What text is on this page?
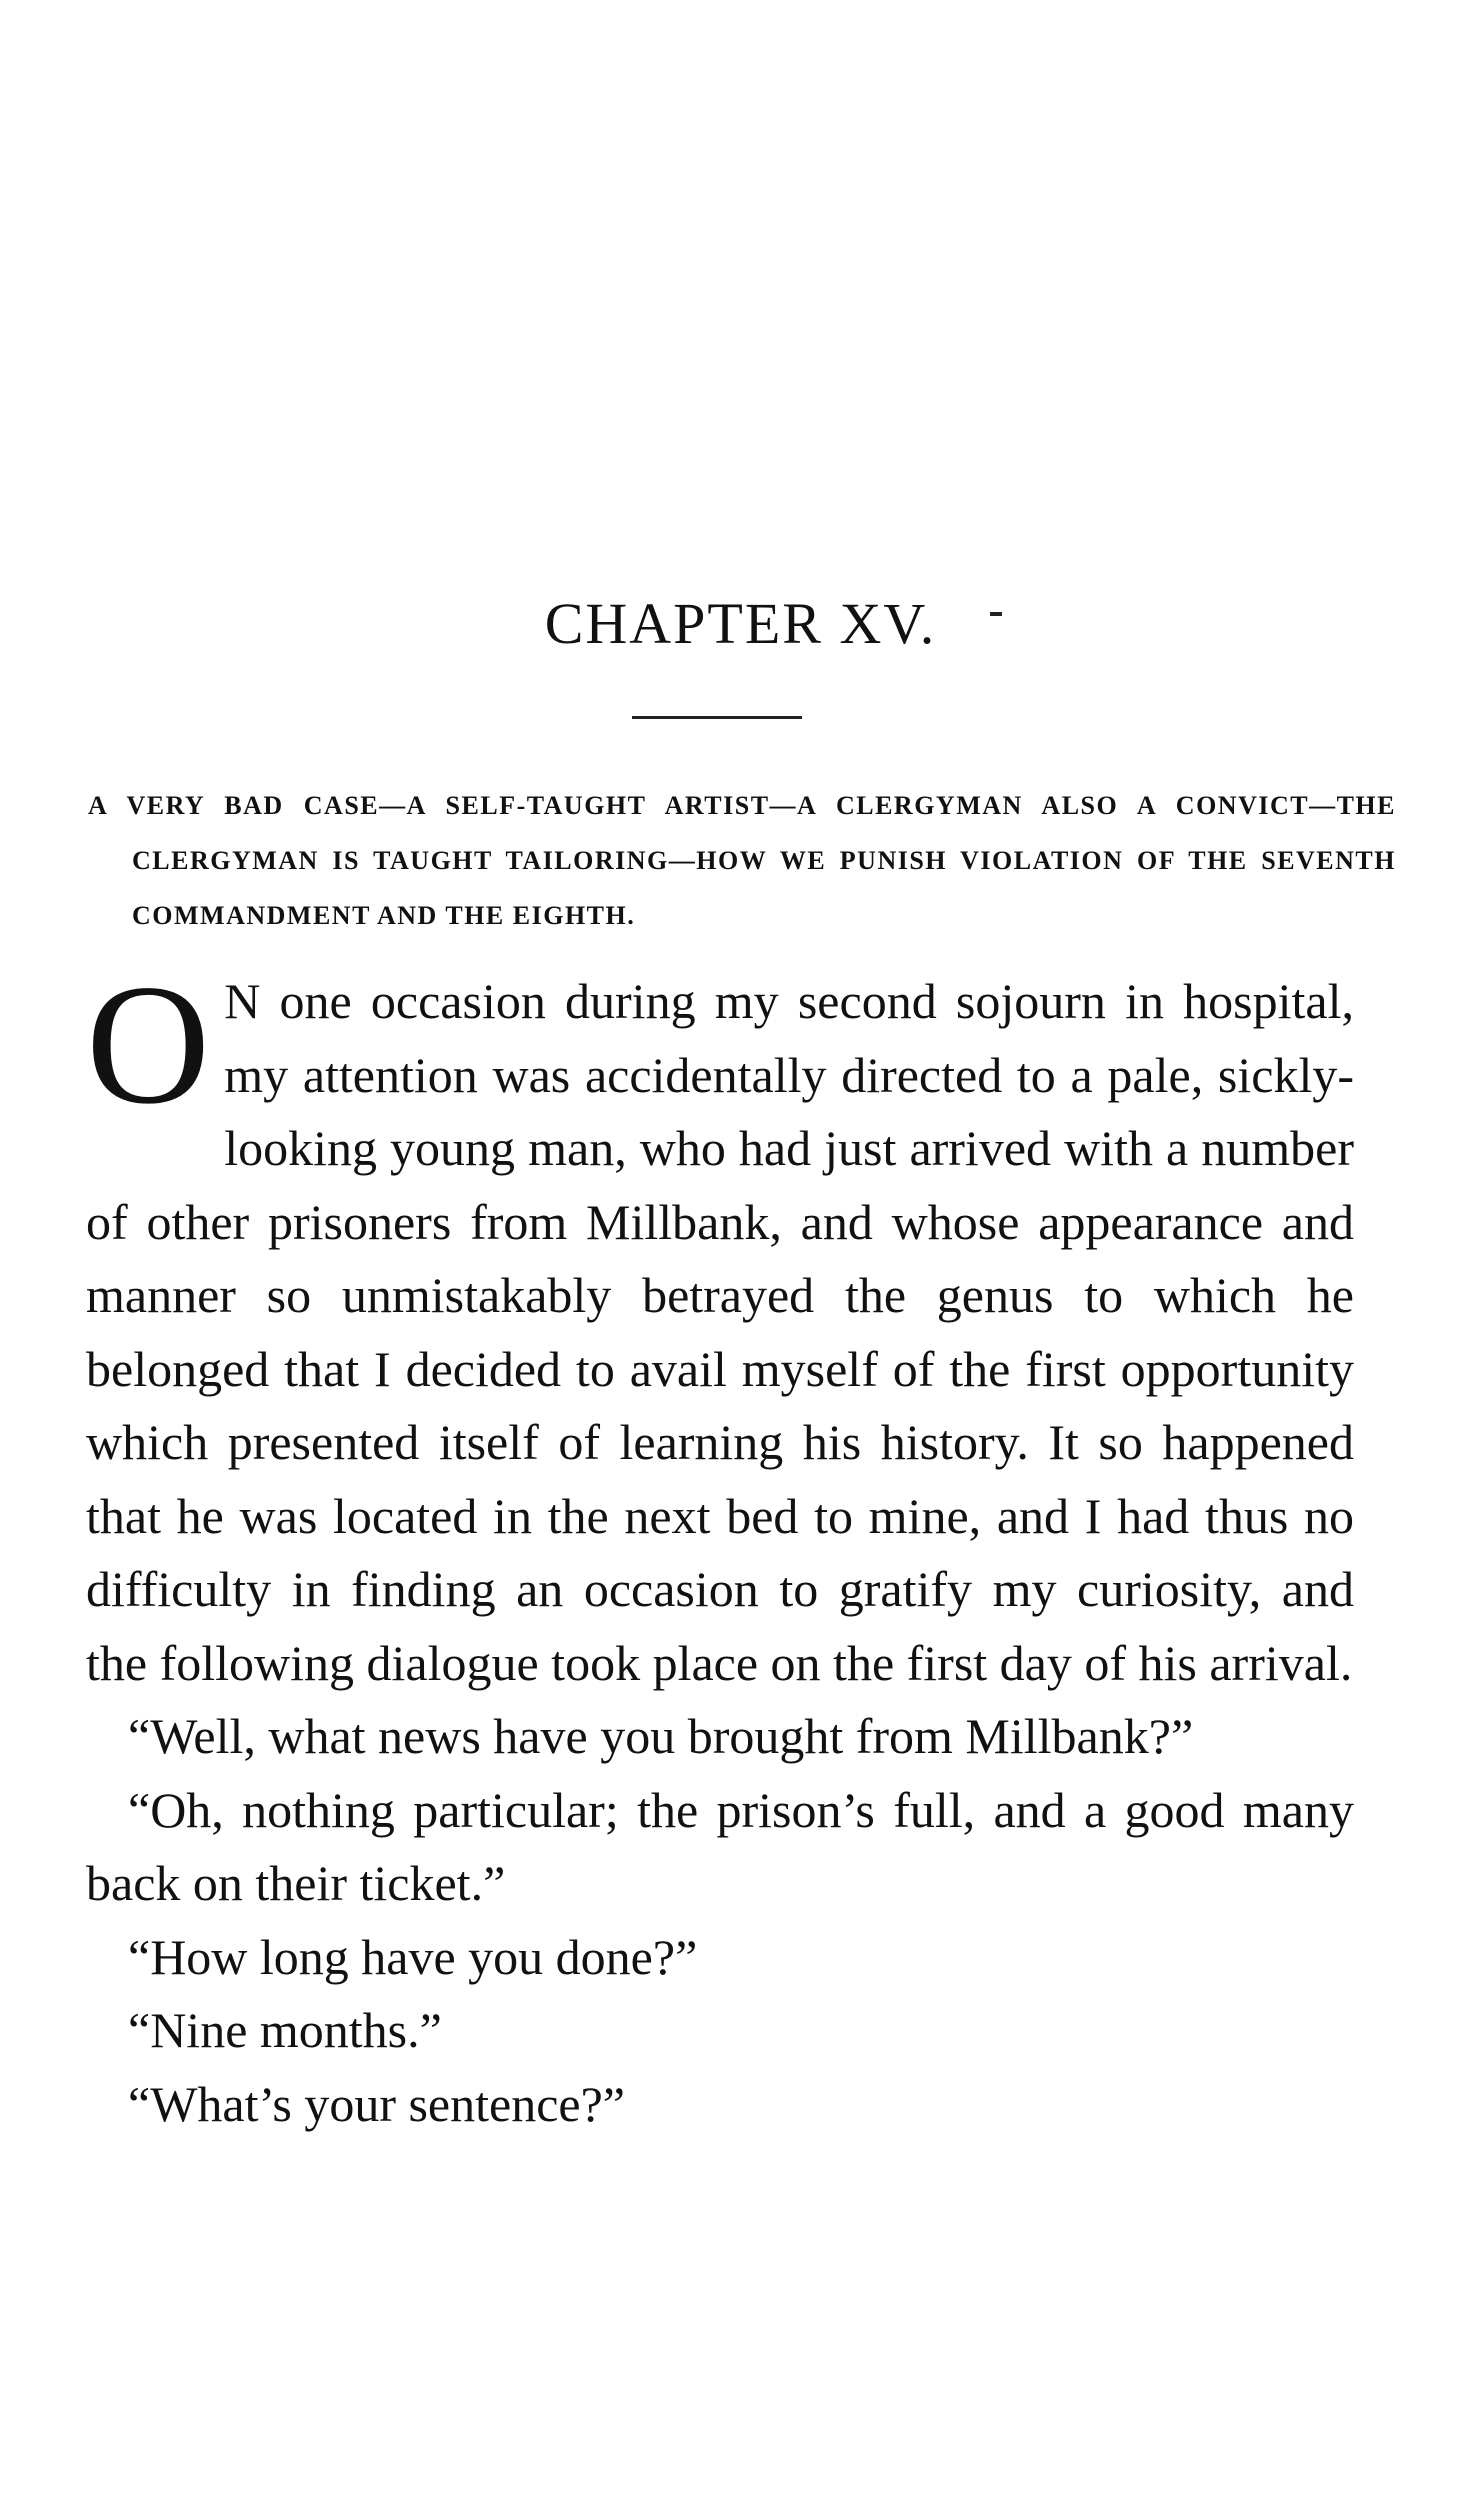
CHAPTER XV.

A VERY BAD CASE—A SELF-TAUGHT ARTIST—A CLERGYMAN ALSO A CONVICT—THE CLERGYMAN IS TAUGHT TAILORING—HOW WE PUNISH VIOLATION OF THE SEVENTH COMMANDMENT AND THE EIGHTH.

O N one occasion during my second sojourn in hospital, my attention was accidentally directed to a pale, sickly-looking young man, who had just arrived with a number of other prisoners from Millbank, and whose appearance and manner so unmistakably betrayed the genus to which he belonged that I decided to avail myself of the first opportunity which presented itself of learning his history. It so happened that he was located in the next bed to mine, and I had thus no difficulty in finding an occasion to gratify my curiosity, and the following dialogue took place on the first day of his arrival.

“Well, what news have you brought from Millbank?”

“Oh, nothing particular; the prison’s full, and a good many back on their ticket.”

“How long have you done?”

“Nine months.”

“What’s your sentence?”
